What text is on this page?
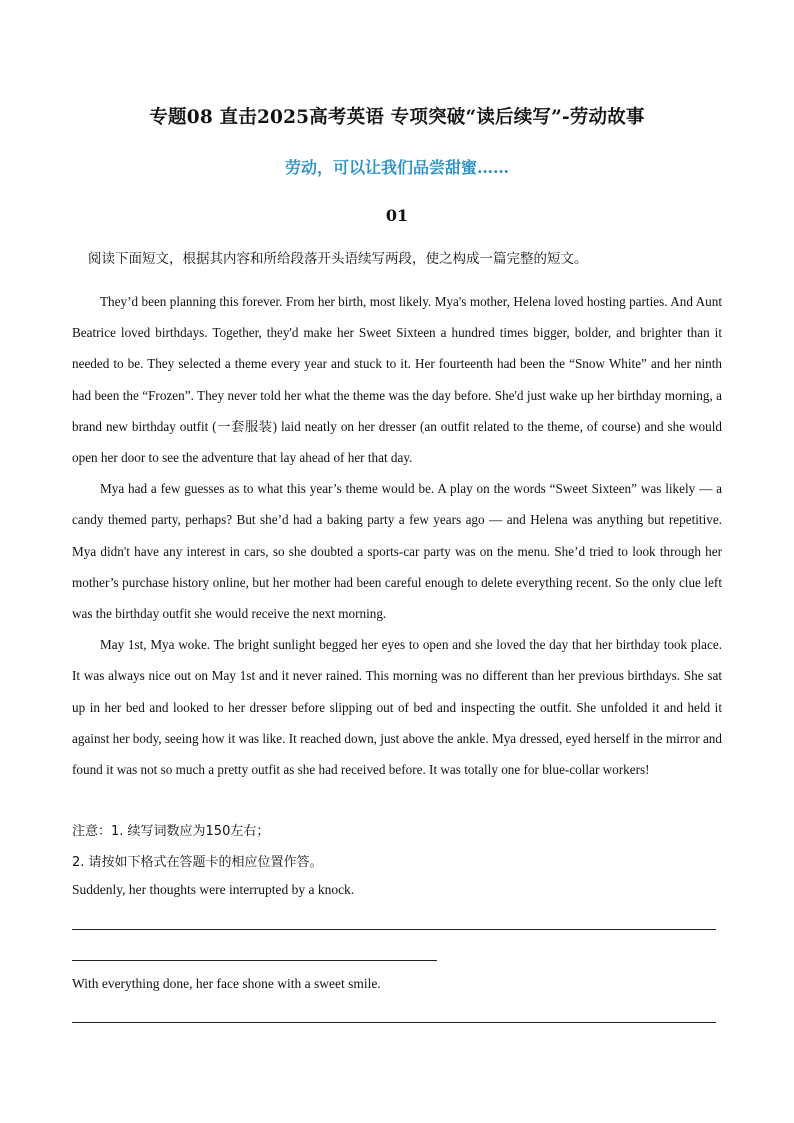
专题08 直击2025高考英语 专项突破“读后续写”-劳动故事
劳动，可以让我们品尝甜蜜……
01
阅读下面短文，根据其内容和所给段落开头语续写两段，使之构成一篇完整的短文。

They’d been planning this forever. From her birth, most likely. Mya's mother, Helena loved hosting parties. And Aunt Beatrice loved birthdays. Together, they'd make her Sweet Sixteen a hundred times bigger, bolder, and brighter than it needed to be. They selected a theme every year and stuck to it. Her fourteenth had been the “Snow White” and her ninth had been the “Frozen”. They never told her what the theme was the day before. She'd just wake up her birthday morning, a brand new birthday outfit (一套服装) laid neatly on her dresser (an outfit related to the theme, of course) and she would open her door to see the adventure that lay ahead of her that day.

Mya had a few guesses as to what this year’s theme would be. A play on the words “Sweet Sixteen” was likely — a candy themed party, perhaps? But she’d had a baking party a few years ago — and Helena was anything but repetitive. Mya didn't have any interest in cars, so she doubted a sports-car party was on the menu. She’d tried to look through her mother’s purchase history online, but her mother had been careful enough to delete everything recent. So the only clue left was the birthday outfit she would receive the next morning.

May 1st, Mya woke. The bright sunlight begged her eyes to open and she loved the day that her birthday took place. It was always nice out on May 1st and it never rained. This morning was no different than her previous birthdays. She sat up in her bed and looked to her dresser before slipping out of bed and inspecting the outfit. She unfolded it and held it against her body, seeing how it was like. It reached down, just above the ankle. Mya dressed, eyed herself in the mirror and found it was not so much a pretty outfit as she had received before. It was totally one for blue-collar workers!

注意：1. 续写词数应为150左右；
2. 请按如下格式在答题卡的相应位置作答。
Suddenly, her thoughts were interrupted by a knock.
With everything done, her face shone with a sweet smile.
